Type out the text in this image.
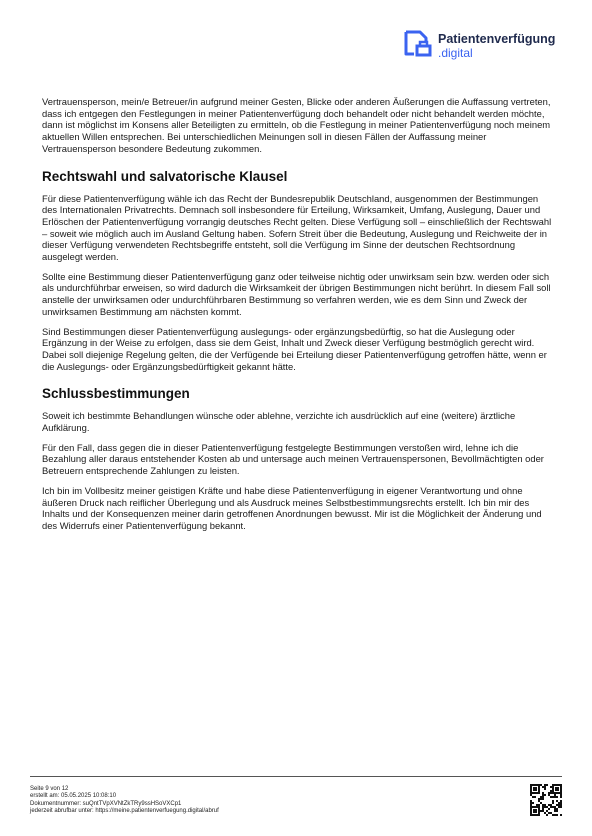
Patientenverfügung
.digital

Vertrauensperson, mein/e Betreuer/in aufgrund meiner Gesten, Blicke oder anderen Äußerungen die Auffassung vertreten, dass ich entgegen den Festlegungen in meiner Patientenverfügung doch behandelt oder nicht behandelt werden möchte, dann ist möglichst im Konsens aller Beteiligten zu ermitteln, ob die Festlegung in meiner Patientenverfügung noch meinem aktuellen Willen entsprechen. Bei unterschiedlichen Meinungen soll in diesen Fällen der Auffassung meiner Vertrauensperson besondere Bedeutung zukommen.

Rechtswahl und salvatorische Klausel

Für diese Patientenverfügung wähle ich das Recht der Bundesrepublik Deutschland, ausgenommen der Bestimmungen des Internationalen Privatrechts. Demnach soll insbesondere für Erteilung, Wirksamkeit, Umfang, Auslegung, Dauer und Erlöschen der Patientenverfügung vorrangig deutsches Recht gelten. Diese Verfügung soll – einschließlich der Rechtswahl – soweit wie möglich auch im Ausland Geltung haben. Sofern Streit über die Bedeutung, Auslegung und Reichweite der in dieser Verfügung verwendeten Rechtsbegriffe entsteht, soll die Verfügung im Sinne der deutschen Rechtsordnung ausgelegt werden.

Sollte eine Bestimmung dieser Patientenverfügung ganz oder teilweise nichtig oder unwirksam sein bzw. werden oder sich als undurchführbar erweisen, so wird dadurch die Wirksamkeit der übrigen Bestimmungen nicht berührt. In diesem Fall soll anstelle der unwirksamen oder undurchführbaren Bestimmung so verfahren werden, wie es dem Sinn und Zweck der unwirksamen Bestimmung am nächsten kommt.

Sind Bestimmungen dieser Patientenverfügung auslegungs- oder ergänzungsbedürftig, so hat die Auslegung oder Ergänzung in der Weise zu erfolgen, dass sie dem Geist, Inhalt und Zweck dieser Verfügung bestmöglich gerecht wird. Dabei soll diejenige Regelung gelten, die der Verfügende bei Erteilung dieser Patientenverfügung getroffen hätte, wenn er die Auslegungs- oder Ergänzungsbedürftigkeit gekannt hätte.

Schlussbestimmungen

Soweit ich bestimmte Behandlungen wünsche oder ablehne, verzichte ich ausdrücklich auf eine (weitere) ärztliche Aufklärung.

Für den Fall, dass gegen die in dieser Patientenverfügung festgelegte Bestimmungen verstoßen wird, lehne ich die Bezahlung aller daraus entstehender Kosten ab und untersage auch meinen Vertrauenspersonen, Bevollmächtigten oder Betreuern entsprechende Zahlungen zu leisten.

Ich bin im Vollbesitz meiner geistigen Kräfte und habe diese Patientenverfügung in eigener Verantwortung und ohne äußeren Druck nach reiflicher Überlegung und als Ausdruck meines Selbstbestimmungsrechts erstellt. Ich bin mir des Inhalts und der Konsequenzen meiner darin getroffenen Anordnungen bewusst. Mir ist die Möglichkeit der Änderung und des Widerrufs einer Patientenverfügung bekannt.

Seite 9 von 12
erstellt am: 05.05.2025 10:08:10
Dokumentnummer: suQntTVpXVNtZkTRy9ssHSoVXCp1
jederzeit abrufbar unter: https://meine.patientenverfuegung.digital/abruf
